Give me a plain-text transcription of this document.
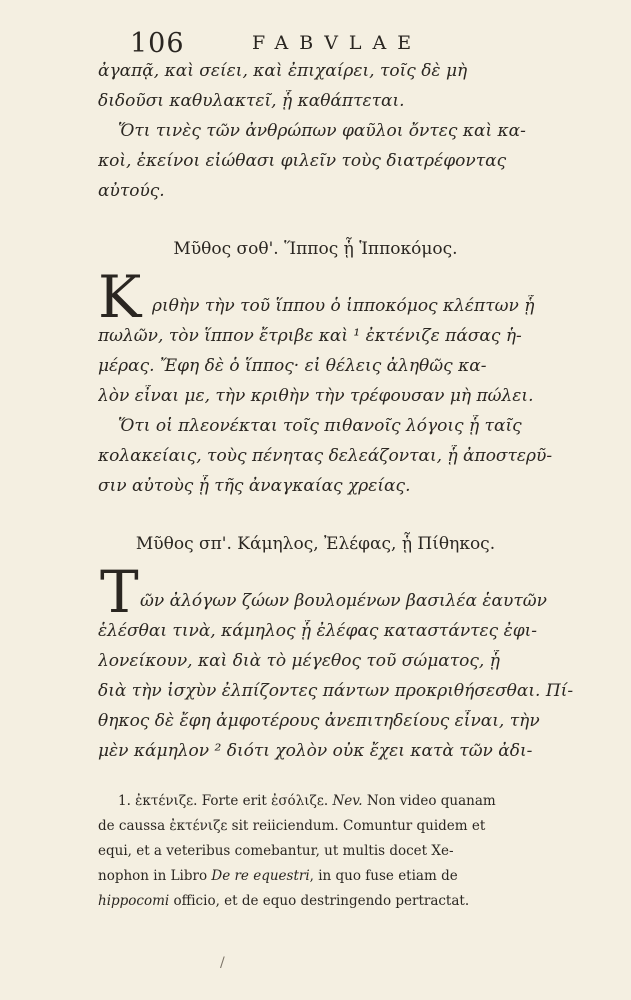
106	FABVLAE
ἀγαπᾷ, καὶ σείει, καὶ ἐπιχαίρει, τοῖς δὲ μὴ
διδοῦσι καθυλακτεῖ, ᾗ καθάπτεται.
Ὅτι τινὲς τῶν ἀνθρώπων φαῦλοι ὄντες καὶ κα-
κοὶ, ἐκείνοι εἰώθασι φιλεῖν τοὺς διατρέφοντας
αὐτούς.
Μῦθος σοθ'. Ἵππος ᾗ Ἱπποκόμος.
K ριθὴν τὴν τοῦ ἵππου ὁ ἱπποκόμος κλέπτων ᾗ
πωλῶν, τὸν ἵππον ἔτριβε καὶ ¹ ἐκτένιζε πάσας ἡ-
μέρας. Ἔφη δὲ ὁ ἵππος· εἰ θέλεις ἀληθῶς κα-
λὸν εἶναι με, τὴν κριθὴν τὴν τρέφουσαν μὴ πώλει.
Ὅτι οἱ πλεονέκται τοῖς πιθανοῖς λόγοις ᾗ ταῖς
κολακείαις, τοὺς πένητας δελεάζονται, ᾗ ἀποστερῦ-
σιν αὐτοὺς ᾗ τῆς ἀναγκαίας χρείας.
Μῦθος σπ'. Κάμηλος, Ἐλέφας, ᾗ Πίθηκος.
T ῶν ἀλόγων ζώων βουλομένων βασιλέα ἑαυτῶν
ἑλέσθαι τινὰ, κάμηλος ᾗ ἐλέφας καταστάντες ἐφι-
λονείκουν, καὶ διὰ τὸ μέγεθος τοῦ σώματος, ᾗ
διὰ τὴν ἰσχὺν ἐλπίζοντες πάντων προκριθήσεσθαι. Πί-
θηκος δὲ ἔφη ἀμφοτέρους ἀνεπιτηδείους εἶναι, τὴν
μὲν κάμηλον ² διότι χολὸν οὐκ ἔχει κατὰ τῶν ἀδι-
1. ἐκτένιζε. Forte erit ἐσόλιζε. Nev. Non video quanam
de caussa ἐκτένιζε sit reiiciendum. Comuntur quidem et
equi, et a veteribus comebantur, ut multis docet Xe-
nophon in Libro De re equestri, in quo fuse etiam de
hippocomi officio, et de equo destringendo pertractat.
/
